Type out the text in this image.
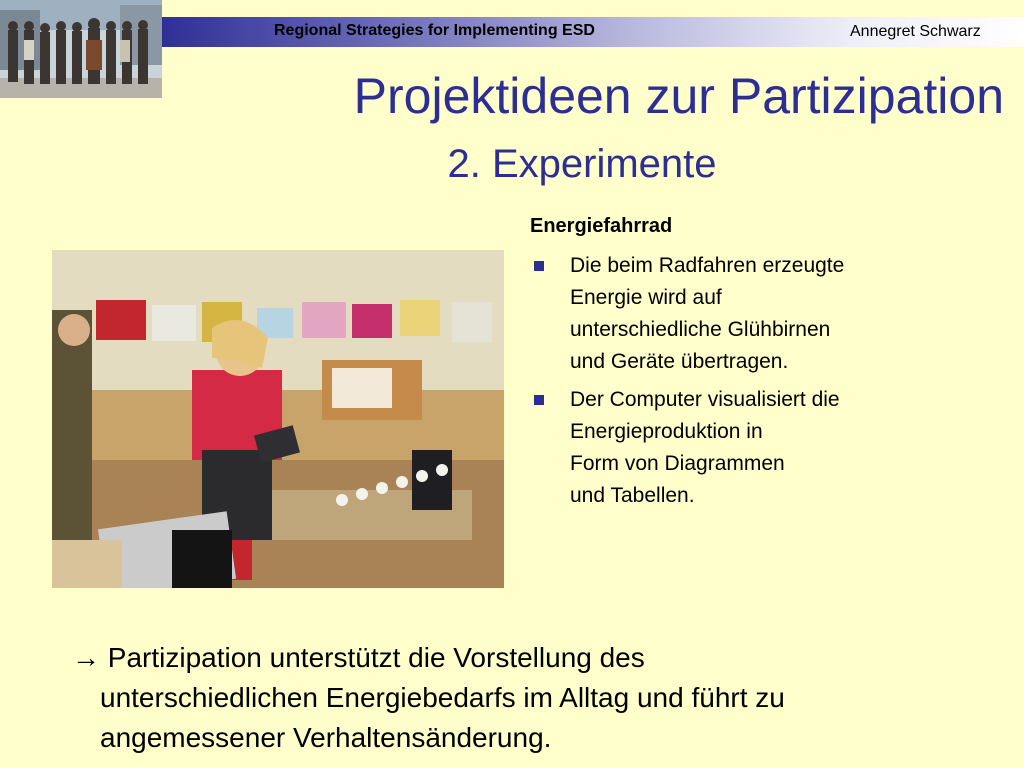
Regional Strategies for Implementing ESD	Annegret Schwarz
Projektideen zur Partizipation
2. Experimente
Energiefahrrad
Die beim Radfahren erzeugte
Energie wird auf
unterschiedliche Glühbirnen
und Geräte übertragen.
Der Computer visualisiert die
Energieproduktion in
Form von Diagrammen
und Tabellen.
→ Partizipation unterstützt die Vorstellung des
unterschiedlichen Energiebedarfs im Alltag und führt zu
angemessener Verhaltensänderung.
